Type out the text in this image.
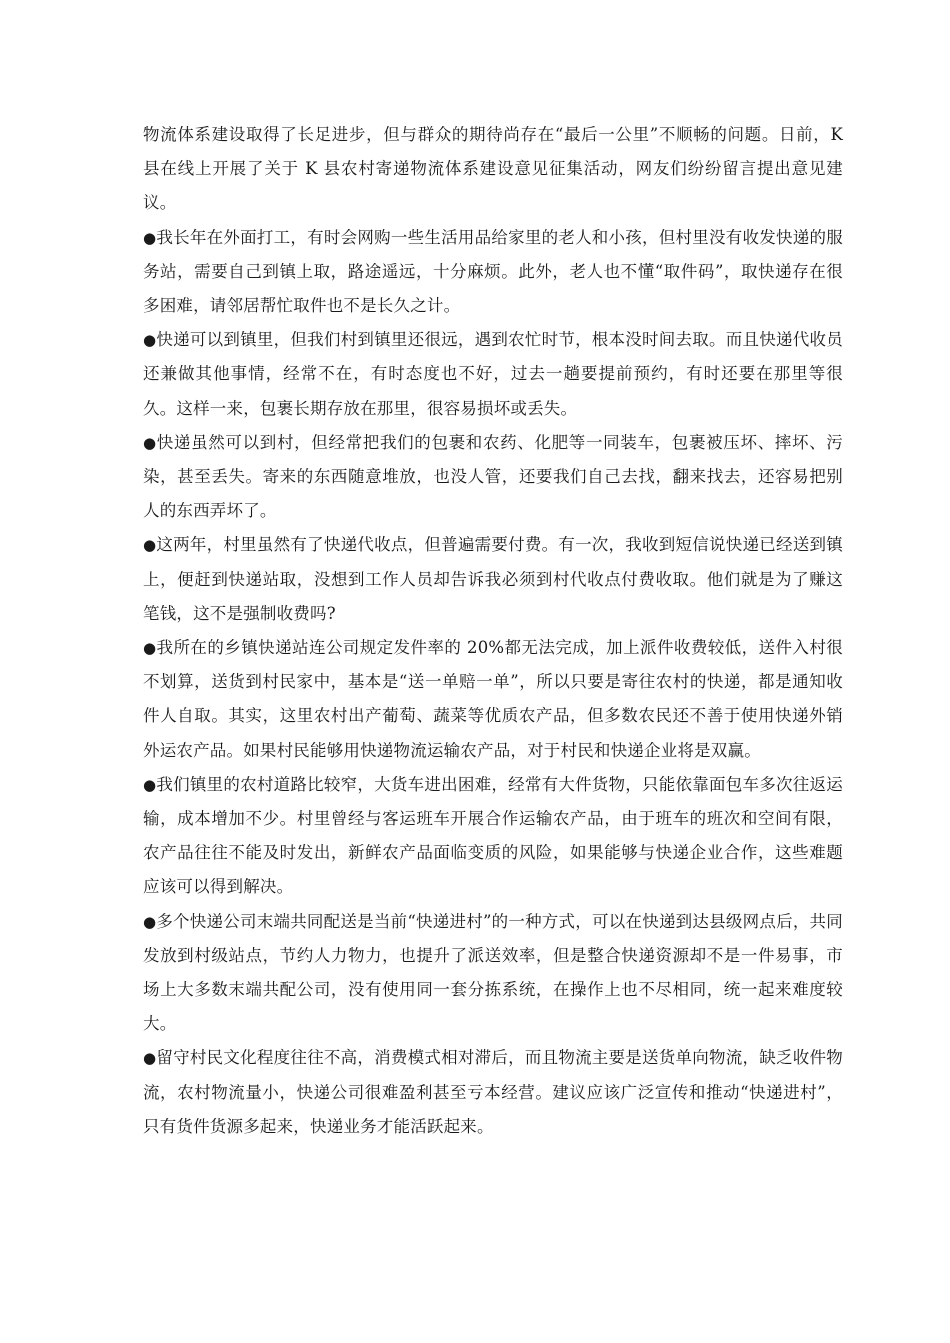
物流体系建设取得了长足进步，但与群众的期待尚存在“最后一公里”不顺畅的问题。日前，K 县在线上开展了关于 K 县农村寄递物流体系建设意见征集活动，网友们纷纷留言提出意见建议。

●我长年在外面打工，有时会网购一些生活用品给家里的老人和小孩，但村里没有收发快递的服务站，需要自己到镇上取，路途遥远，十分麻烦。此外，老人也不懂“取件码”，取快递存在很多困难，请邻居帮忙取件也不是长久之计。

●快递可以到镇里，但我们村到镇里还很远，遇到农忙时节，根本没时间去取。而且快递代收员还兼做其他事情，经常不在，有时态度也不好，过去一趟要提前预约，有时还要在那里等很久。这样一来，包裹长期存放在那里，很容易损坏或丢失。

●快递虽然可以到村，但经常把我们的包裹和农药、化肥等一同装车，包裹被压坏、摔坏、污染，甚至丢失。寄来的东西随意堆放，也没人管，还要我们自己去找，翻来找去，还容易把别人的东西弄坏了。

●这两年，村里虽然有了快递代收点，但普遍需要付费。有一次，我收到短信说快递已经送到镇上，便赶到快递站取，没想到工作人员却告诉我必须到村代收点付费收取。他们就是为了赚这笔钱，这不是强制收费吗?

●我所在的乡镇快递站连公司规定发件率的 20%都无法完成，加上派件收费较低，送件入村很不划算，送货到村民家中，基本是“送一单赔一单”，所以只要是寄往农村的快递，都是通知收件人自取。其实，这里农村出产葡萄、蔬菜等优质农产品，但多数农民还不善于使用快递外销外运农产品。如果村民能够用快递物流运输农产品，对于村民和快递企业将是双赢。

●我们镇里的农村道路比较窄，大货车进出困难，经常有大件货物，只能依靠面包车多次往返运输，成本增加不少。村里曾经与客运班车开展合作运输农产品，由于班车的班次和空间有限，农产品往往不能及时发出，新鲜农产品面临变质的风险，如果能够与快递企业合作，这些难题应该可以得到解决。

●多个快递公司末端共同配送是当前“快递进村”的一种方式，可以在快递到达县级网点后，共同发放到村级站点，节约人力物力，也提升了派送效率，但是整合快递资源却不是一件易事，市场上大多数末端共配公司，没有使用同一套分拣系统，在操作上也不尽相同，统一起来难度较大。

●留守村民文化程度往往不高，消费模式相对滞后，而且物流主要是送货单向物流，缺乏收件物流，农村物流量小，快递公司很难盈利甚至亏本经营。建议应该广泛宣传和推动“快递进村”，只有货件货源多起来，快递业务才能活跃起来。
